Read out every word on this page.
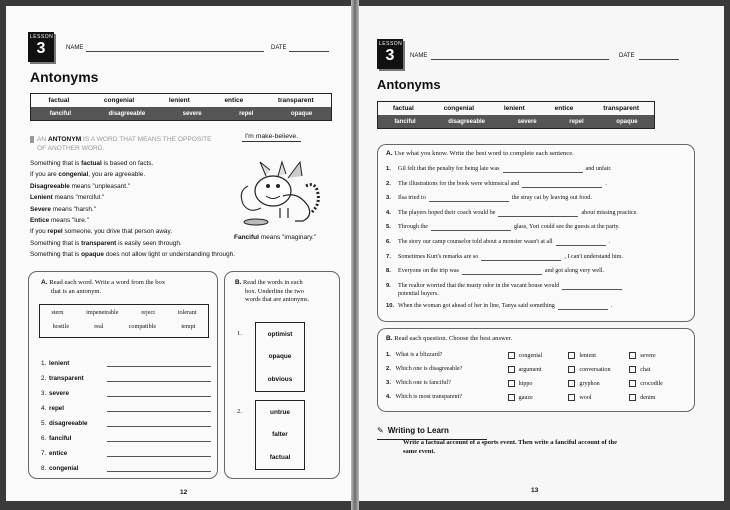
LESSON
3	NAME	DATE
Antonyms
factual	congenial	lenient	entice	transparent
fanciful	disagreeable	severe	repel	opaque
AN ANTONYM IS A WORD THAT MEANS THE OPPOSITE
OF ANOTHER WORD.
Something that is factual is based on facts.
If you are congenial, you are agreeable.
Disagreeable means "unpleasant."
Lenient means "merciful."
Severe means "harsh."
Entice means "lure."
If you repel someone, you drive that person away.
Something that is transparent is easily seen through.
Something that is opaque does not allow light or understanding through.
I'm make-believe.
Fanciful means "imaginary."
A. Read each word. Write a word from the box
that is an antonym.
stern	impenetrable	reject	tolerant
hostile	real	compatible	tempt
1. lenient
2. transparent
3. severe
4. repel
5. disagreeable
6. fanciful
7. entice
8. congenial
B. Read the words in each
box. Underline the two
words that are antonyms.
1.	optimist
opaque
obvious
2.	untrue
falter
factual
12
LESSON
3	NAME	DATE
Antonyms
factual	congenial	lenient	entice	transparent
fanciful	disagreeable	severe	repel	opaque
A. Use what you know. Write the best word to complete each sentence.
1.	Gil felt that the penalty for being late was	and unfair.
2.	The illustrations for the book were whimsical and	.
3.	Ilsa tried to	the stray cat by leaving out food.
4.	The players hoped their coach would be	about missing practice.
5.	Through the	glass, Yori could see the guests at the party.
6.	The story our camp counselor told about a monster wasn't at all	.
7.	Sometimes Kurt's remarks are so	, I can't understand him.
8.	Everyone on the trip was	and got along very well.
9.	The realtor worried that the musty odor in the vacant house would
potential buyers.
10. When the woman got ahead of her in line, Tanya said something	.
B. Read each question. Choose the best answer.
1. What is a blizzard?	congenial	lenient	severe
2. Which one is disagreeable?	argument	conversation	chat
3. Which one is fanciful?	hippo	gryphon	crocodile
4. Which is most transparent?	gauze	wool	denim
✎ Writing to Learn
Write a factual account of a sports event. Then write a fanciful account of the
same event.
13
